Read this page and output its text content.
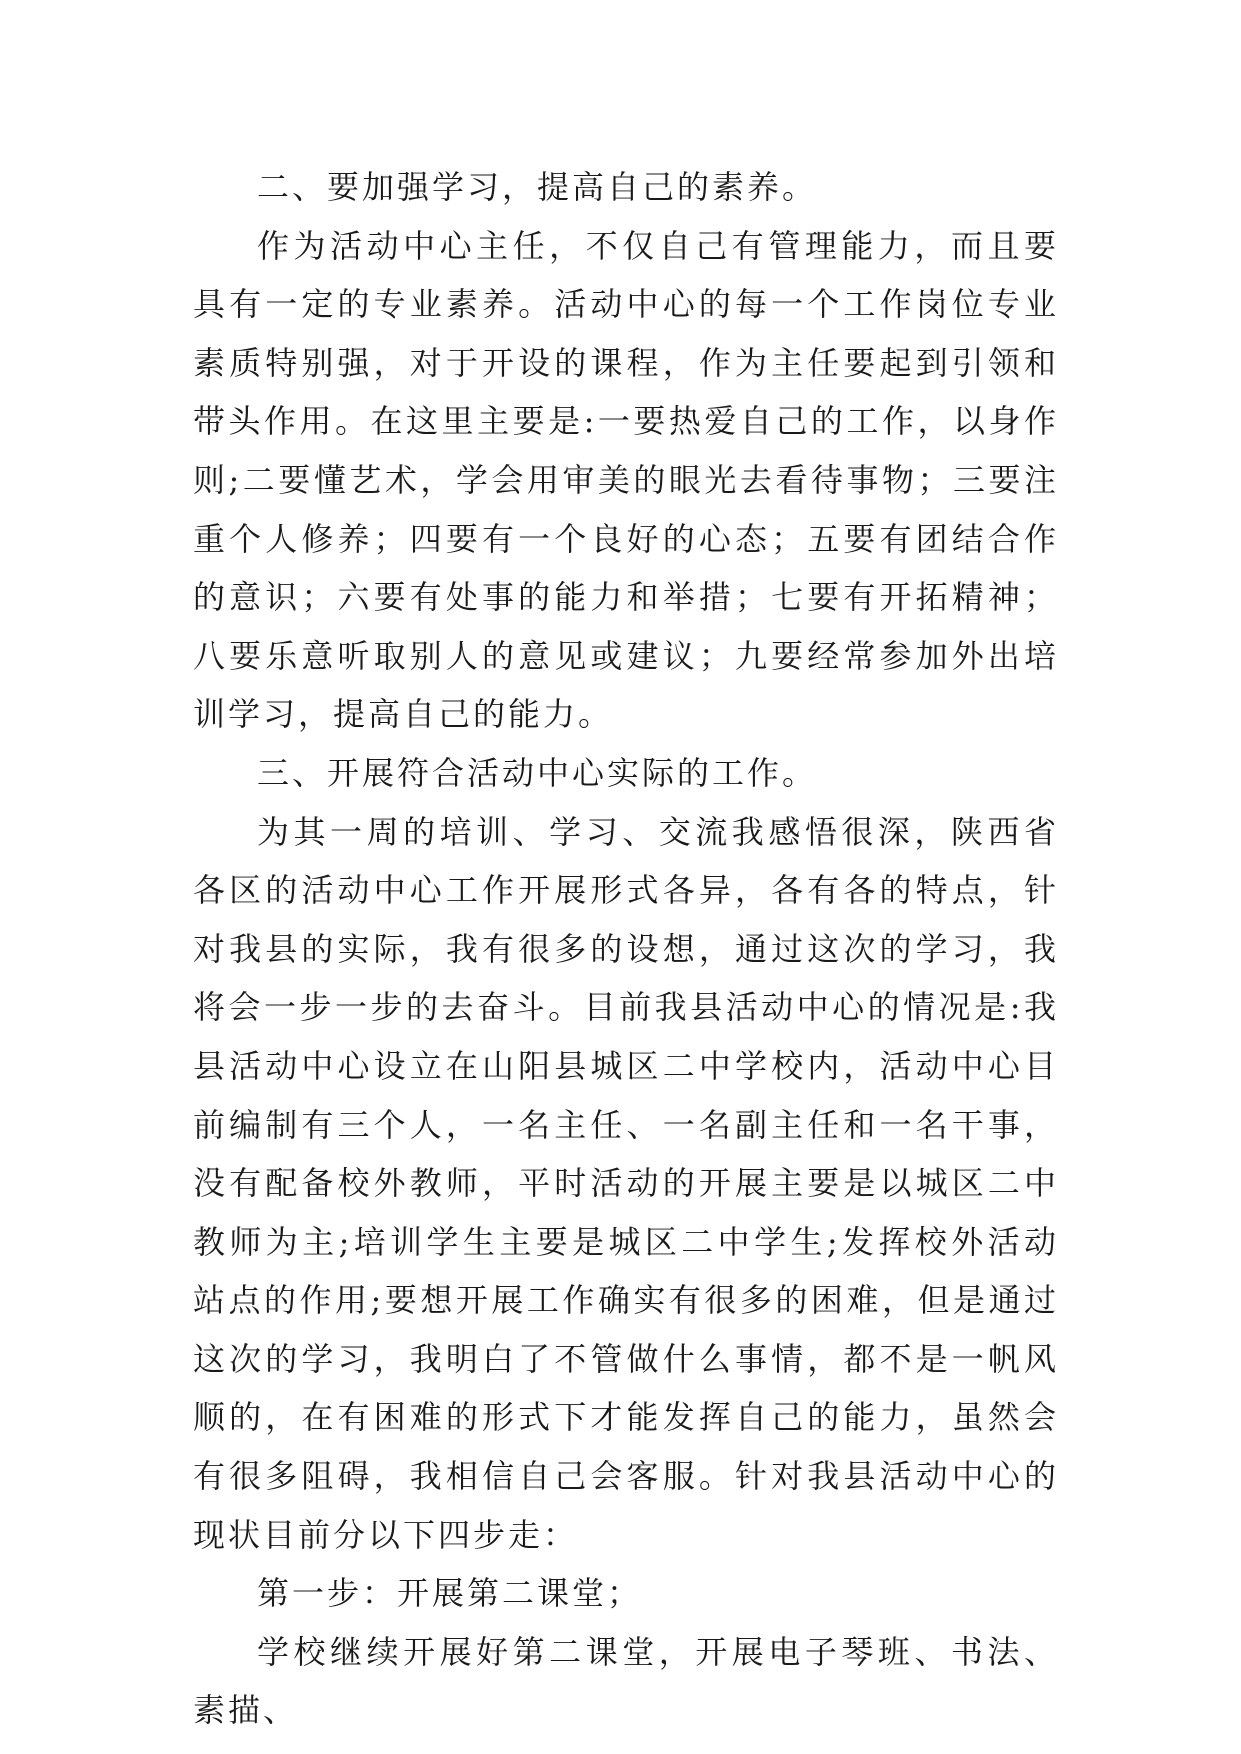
二、要加强学习，提高自己的素养。

作为活动中心主任，不仅自己有管理能力，而且要具有一定的专业素养。活动中心的每一个工作岗位专业素质特别强，对于开设的课程，作为主任要起到引领和带头作用。在这里主要是:一要热爱自己的工作，以身作则;二要懂艺术，学会用审美的眼光去看待事物；三要注重个人修养；四要有一个良好的心态；五要有团结合作的意识；六要有处事的能力和举措；七要有开拓精神；八要乐意听取别人的意见或建议；九要经常参加外出培训学习，提高自己的能力。

三、开展符合活动中心实际的工作。

为其一周的培训、学习、交流我感悟很深，陕西省各区的活动中心工作开展形式各异，各有各的特点，针对我县的实际，我有很多的设想，通过这次的学习，我将会一步一步的去奋斗。目前我县活动中心的情况是:我县活动中心设立在山阳县城区二中学校内，活动中心目前编制有三个人，一名主任、一名副主任和一名干事，没有配备校外教师，平时活动的开展主要是以城区二中教师为主;培训学生主要是城区二中学生;发挥校外活动站点的作用;要想开展工作确实有很多的困难，但是通过这次的学习，我明白了不管做什么事情，都不是一帆风顺的，在有困难的形式下才能发挥自己的能力，虽然会有很多阻碍，我相信自己会客服。针对我县活动中心的现状目前分以下四步走：

第一步：开展第二课堂；

学校继续开展好第二课堂，开展电子琴班、书法、素描、
